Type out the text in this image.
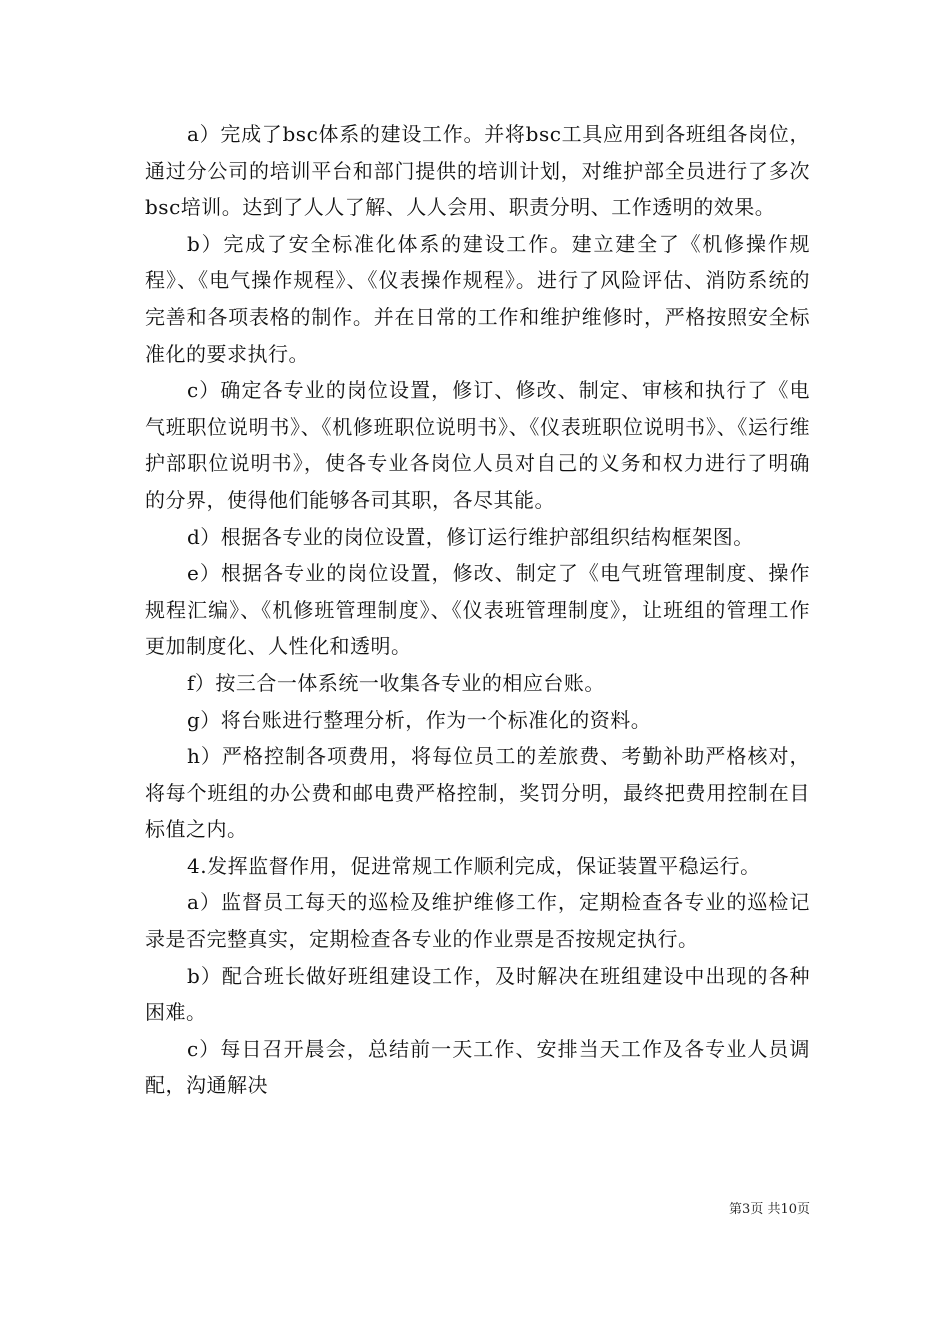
a）完成了bsc体系的建设工作。并将bsc工具应用到各班组各岗位，通过分公司的培训平台和部门提供的培训计划，对维护部全员进行了多次bsc培训。达到了人人了解、人人会用、职责分明、工作透明的效果。

b）完成了安全标准化体系的建设工作。建立建全了《机修操作规程》、《电气操作规程》、《仪表操作规程》。进行了风险评估、消防系统的完善和各项表格的制作。并在日常的工作和维护维修时，严格按照安全标准化的要求执行。

c）确定各专业的岗位设置，修订、修改、制定、审核和执行了《电气班职位说明书》、《机修班职位说明书》、《仪表班职位说明书》、《运行维护部职位说明书》，使各专业各岗位人员对自己的义务和权力进行了明确的分界，使得他们能够各司其职，各尽其能。

d）根据各专业的岗位设置，修订运行维护部组织结构框架图。

e）根据各专业的岗位设置，修改、制定了《电气班管理制度、操作规程汇编》、《机修班管理制度》、《仪表班管理制度》，让班组的管理工作更加制度化、人性化和透明。

f）按三合一体系统一收集各专业的相应台账。

g）将台账进行整理分析，作为一个标准化的资料。

h）严格控制各项费用，将每位员工的差旅费、考勤补助严格核对，将每个班组的办公费和邮电费严格控制，奖罚分明，最终把费用控制在目标值之内。

4.发挥监督作用，促进常规工作顺利完成，保证装置平稳运行。

a）监督员工每天的巡检及维护维修工作，定期检查各专业的巡检记录是否完整真实，定期检查各专业的作业票是否按规定执行。

b）配合班长做好班组建设工作，及时解决在班组建设中出现的各种困难。

c）每日召开晨会，总结前一天工作、安排当天工作及各专业人员调配，沟通解决

第3页 共10页
